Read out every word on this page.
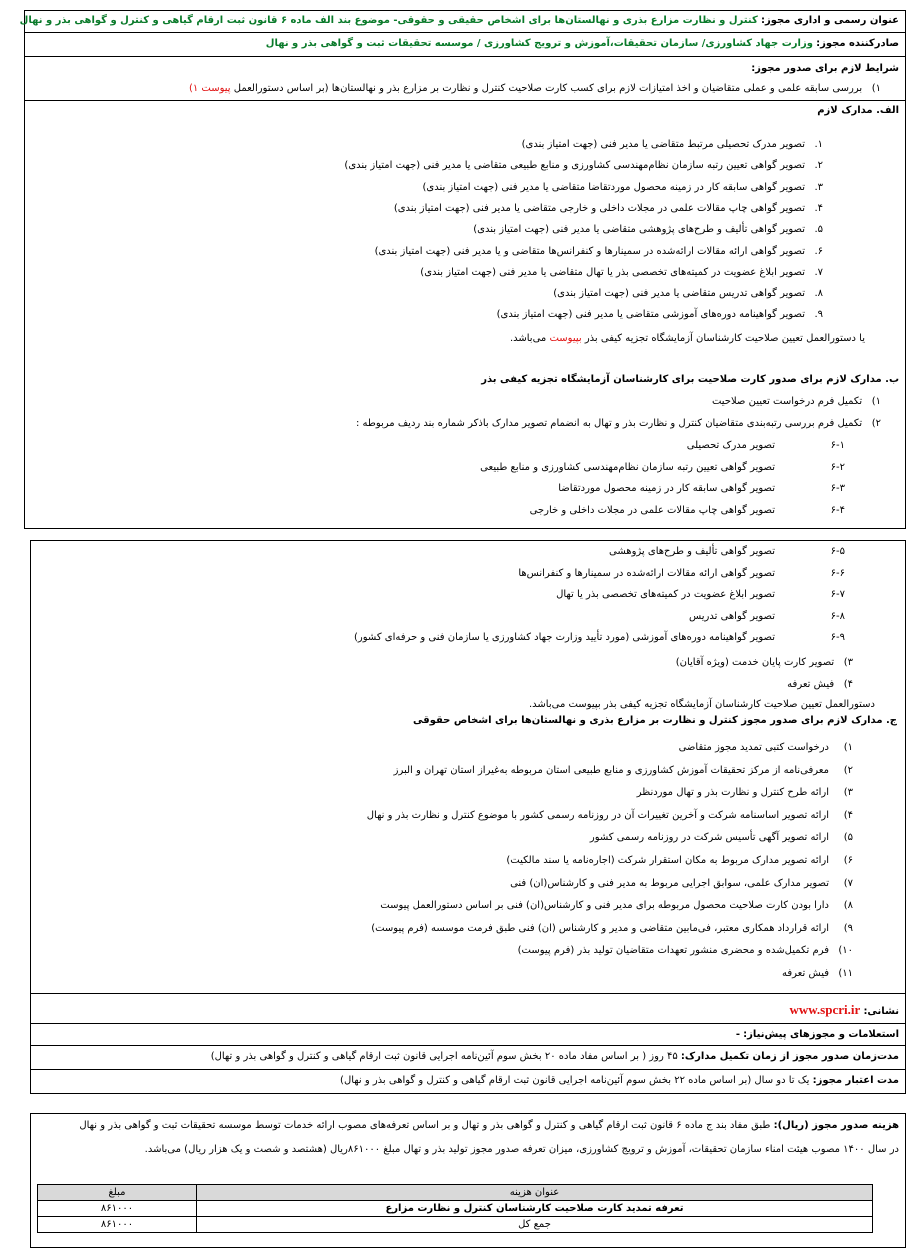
عنوان رسمی و اداری مجوز: کنترل و نظارت مزارع بذری و نهالستان‌ها برای اشخاص حقیقی و حقوقی- موضوع بند الف ماده ۶ قانون ثبت ارقام گیاهی و کنترل و گواهی بذر و نهال
صادرکننده مجوز: وزارت جهاد کشاورزی/ سازمان تحقیقات،آموزش و ترویج کشاورزی / موسسه تحقیقات ثبت و گواهی بذر و نهال
شرایط لازم برای صدور مجوز:
۱)   بررسی سابقه علمی و عملی متقاضیان و اخذ امتیازات لازم برای کسب کارت صلاحیت کنترل و نظارت بر مزارع بذر و نهالستان‌ها (بر اساس دستورالعمل پیوست ۱)
الف. مدارک لازم
۱.تصویر مدرک تحصیلی مرتبط متقاضی یا مدیر فنی (جهت امتیاز بندی)
۲.تصویر گواهی تعیین رتبه سازمان نظام‌مهندسی کشاورزی و منابع طبیعی متقاضی یا مدیر فنی (جهت امتیاز بندی)
۳.تصویر گواهی سابقه کار در زمینه محصول موردتقاضا متقاضی یا مدیر فنی (جهت امتیاز بندی)
۴.تصویر گواهی چاپ مقالات علمی در مجلات داخلی و خارجی متقاضی یا مدیر فنی (جهت امتیاز بندی)
۵.تصویر گواهی تألیف و طرح‌های پژوهشی متقاضی یا مدیر فنی (جهت امتیاز بندی)
۶.تصویر گواهی ارائه مقالات ارائه‌شده در سمینارها و کنفرانس‌ها متقاضی و یا مدیر فنی (جهت امتیاز بندی)
۷.تصویر ابلاغ عضویت در کمیته‌های تخصصی بذر یا تهال متقاضی یا مدیر فنی (جهت امتیاز بندی)
۸.تصویر گواهی تدریس متقاضی یا مدیر فنی (جهت امتیاز بندی)
۹.تصویر گواهینامه دوره‌های آموزشی متقاضی یا مدیر فنی (جهت امتیاز بندی)
یا دستورالعمل تعیین صلاحیت کارشناسان آزمایشگاه تجزیه کیفی بذر بپیوست می‌باشد.
ب. مدارک لازم برای صدور کارت صلاحیت برای کارشناسان آزمایشگاه تجزیه کیفی بذر
۱)   تکمیل فرم درخواست تعیین صلاحیت
۲)   تکمیل فرم بررسی رتبه‌بندی متقاضیان کنترل و نظارت بذر و تهال به انضمام تصویر مدارک باذکر شماره بند ردیف مربوطه :
۶-۱تصویر مدرک تحصیلی
۶-۲تصویر گواهی تعیین رتبه سازمان نظام‌مهندسی کشاورزی و منابع طبیعی
۶-۳تصویر گواهی سابقه کار در زمینه محصول موردتقاضا
۶-۴تصویر گواهی چاپ مقالات علمی در مجلات داخلی و خارجی
۶-۵تصویر گواهی تألیف و طرح‌های پژوهشی
۶-۶تصویر گواهی ارائه مقالات ارائه‌شده در سمینارها و کنفرانس‌ها
۶-۷تصویر ابلاغ عضویت در کمیته‌های تخصصی بذر یا تهال
۶-۸تصویر گواهی تدریس
۶-۹تصویر گواهینامه دوره‌های آموزشی (مورد تأیید وزارت جهاد کشاورزی یا سازمان فنی و حرفه‌ای کشور)
۳)   تصویر کارت پایان خدمت (ویژه آقایان)
۴)   فیش تعرفه
دستورالعمل تعیین صلاحیت کارشناسان آزمایشگاه تجزیه کیفی بذر بپیوست می‌باشد.
ج. مدارک لازم برای صدور مجوز کنترل و نظارت بر مزارع بذری و نهالستان‌ها برای اشخاص حقوقی
۱)درخواست کتبی تمدید مجوز متقاضی
۲)معرفی‌نامه از مرکز تحقیقات آموزش کشاورزی و منابع طبیعی استان مربوطه به‌غیراز استان تهران و البرز
۳)ارائه طرح کنترل و نظارت بذر و تهال موردنظر
۴)ارائه تصویر اساسنامه شرکت و آخرین تغییرات آن در روزنامه رسمی کشور با موضوع کنترل و نظارت بذر و نهال
۵)ارائه تصویر آگهی تأسیس شرکت در روزنامه رسمی کشور
۶)ارائه تصویر مدارک مربوط به مکان استقرار شرکت (اجاره‌نامه یا سند مالکیت)
۷)تصویر مدارک علمی، سوابق اجرایی مربوط به مدیر فنی و کارشناس(ان) فنی
۸)دارا بودن کارت صلاحیت محصول مربوطه برای مدیر فنی و کارشناس(ان) فنی بر اساس دستورالعمل پیوست
۹)ارائه قرارداد همکاری معتبر، فی‌مابین متقاضی و مدیر و کارشناس (ان) فنی طبق فرمت موسسه (فرم پیوست)
۱۰)فرم تکمیل‌شده و محضری منشور تعهدات متقاضیان تولید بذر (فرم پیوست)
۱۱)فیش تعرفه
نشانی: www.spcri.ir
استعلامات و مجوزهای پیش‌نیاز: -
مدت‌زمان صدور مجوز از زمان تکمیل مدارک: ۴۵ روز ( بر اساس مفاد ماده ۲۰ بخش سوم آئین‌نامه اجرایی قانون ثبت ارقام گیاهی و کنترل و گواهی بذر و تهال)
مدت اعتبار مجوز: یک تا دو سال (بر اساس ماده ۲۲ بخش سوم آئین‌نامه اجرایی قانون ثبت ارقام گیاهی و کنترل و گواهی بذر و نهال)
هزینه صدور مجوز (ریال): طبق مفاد بند ج ماده ۶ قانون ثبت ارقام گیاهی و کنترل و گواهی بذر و تهال و بر اساس تعرفه‌های مصوب ارائه خدمات توسط موسسه تحقیقات ثبت و گواهی بذر و نهال
در سال ۱۴۰۰ مصوب هیئت امناء سازمان تحقیقات، آموزش و ترویج کشاورزی، میزان تعرفه صدور مجوز تولید بذر و تهال مبلغ ۸۶۱۰۰۰ریال (هشتصد و شصت و یک هزار ریال) می‌باشد.
عنوان هزینه	مبلغ
تعرفه تمدید کارت صلاحیت کارشناسان کنترل و نظارت مزارع	۸۶۱۰۰۰
جمع کل	۸۶۱۰۰۰
